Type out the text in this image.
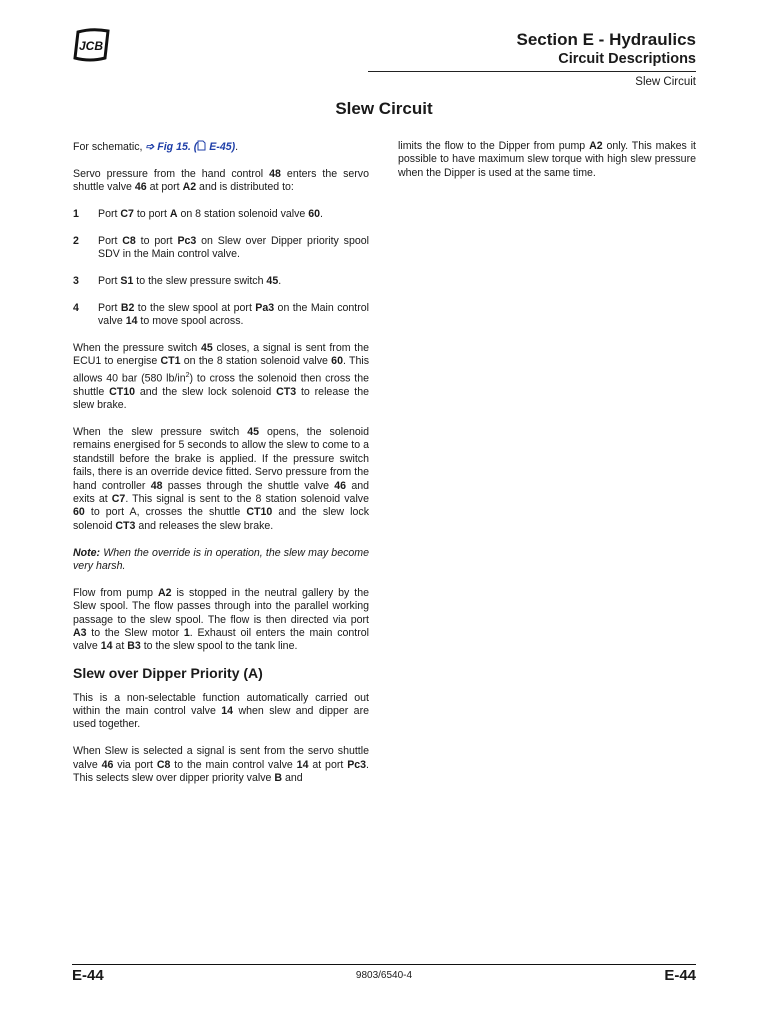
JCB	Section E - Hydraulics
Circuit Descriptions
Slew Circuit
Slew Circuit

For schematic, ➩ Fig 15. ( E-45).

Servo pressure from the hand control 48 enters the servo shuttle valve 46 at port A2 and is distributed to:

1	Port C7 to port A on 8 station solenoid valve 60.
2	Port C8 to port Pc3 on Slew over Dipper priority spool SDV in the Main control valve.
3	Port S1 to the slew pressure switch 45.
4	Port B2 to the slew spool at port Pa3 on the Main control valve 14 to move spool across.

When the pressure switch 45 closes, a signal is sent from the ECU1 to energise CT1 on the 8 station solenoid valve 60. This allows 40 bar (580 $lb/in^2$) to cross the solenoid then cross the shuttle CT10 and the slew lock solenoid CT3 to release the slew brake.

When the slew pressure switch 45 opens, the solenoid remains energised for 5 seconds to allow the slew to come to a standstill before the brake is applied. If the pressure switch fails, there is an override device fitted. Servo pressure from the hand controller 48 passes through the shuttle valve 46 and exits at C7. This signal is sent to the 8 station solenoid valve 60 to port A, crosses the shuttle CT10 and the slew lock solenoid CT3 and releases the slew brake.

Note: When the override is in operation, the slew may become very harsh.

Flow from pump A2 is stopped in the neutral gallery by the Slew spool. The flow passes through into the parallel working passage to the slew spool. The flow is then directed via port A3 to the Slew motor 1. Exhaust oil enters the main control valve 14 at B3 to the slew spool to the tank line.

Slew over Dipper Priority (A)

This is a non-selectable function automatically carried out within the main control valve 14 when slew and dipper are used together.

When Slew is selected a signal is sent from the servo shuttle valve 46 via port C8 to the main control valve 14 at port Pc3. This selects slew over dipper priority valve B and

limits the flow to the Dipper from pump A2 only. This makes it possible to have maximum slew torque with high slew pressure when the Dipper is used at the same time.

E-44	9803/6540-4	E-44
